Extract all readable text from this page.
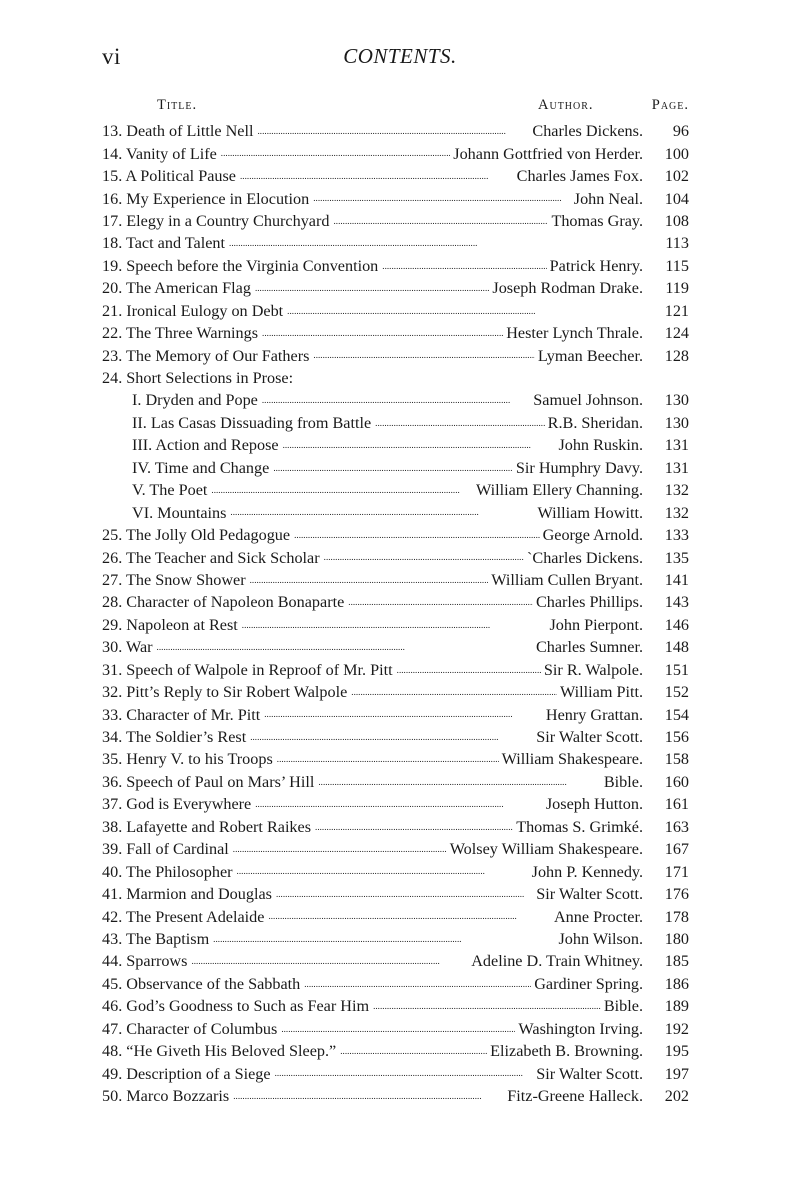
vi	CONTENTS.
Title.	Author.	Page.
13. Death of Little Nell . . .	Charles Dickens.	96
14. Vanity of Life . . .	Johann Gottfried von Herder.	100
15. A Political Pause . . .	Charles James Fox.	102
16. My Experience in Elocution . . .	John Neal.	104
17. Elegy in a Country Churchyard . . .	Thomas Gray.	108
18. Tact and Talent . . .	113
19. Speech before the Virginia Convention . . .	Patrick Henry.	115
20. The American Flag . . .	Joseph Rodman Drake.	119
21. Ironical Eulogy on Debt . . .	121
22. The Three Warnings . . .	Hester Lynch Thrale.	124
23. The Memory of Our Fathers . . .	Lyman Beecher.	128
24. Short Selections in Prose:
I. Dryden and Pope . . .	Samuel Johnson.	130
II. Las Casas Dissuading from Battle . . .	R.B. Sheridan.	130
III. Action and Repose . . .	John Ruskin.	131
IV. Time and Change . . .	Sir Humphry Davy.	131
V. The Poet . . .	William Ellery Channing.	132
VI. Mountains . . .	William Howitt.	132
25. The Jolly Old Pedagogue . . .	George Arnold.	133
26. The Teacher and Sick Scholar . . .	`Charles Dickens.	135
27. The Snow Shower . . .	William Cullen Bryant.	141
28. Character of Napoleon Bonaparte . . .	Charles Phillips.	143
29. Napoleon at Rest . . .	John Pierpont.	146
30. War . . .	Charles Sumner.	148
31. Speech of Walpole in Reproof of Mr. Pitt . . .	Sir R. Walpole.	151
32. Pitt’s Reply to Sir Robert Walpole . . .	William Pitt.	152
33. Character of Mr. Pitt . . .	Henry Grattan.	154
34. The Soldier’s Rest . . .	Sir Walter Scott.	156
35. Henry V. to his Troops . . .	William Shakespeare.	158
36. Speech of Paul on Mars’ Hill . . .	Bible.	160
37. God is Everywhere . . .	Joseph Hutton.	161
38. Lafayette and Robert Raikes . . .	Thomas S. Grimké.	163
39. Fall of Cardinal . . .	Wolsey William Shakespeare.	167
40. The Philosopher . . .	John P. Kennedy.	171
41. Marmion and Douglas . . .	Sir Walter Scott.	176
42. The Present Adelaide . . .	Anne Procter.	178
43. The Baptism . . .	John Wilson.	180
44. Sparrows . . .	Adeline D. Train Whitney.	185
45. Observance of the Sabbath . . .	Gardiner Spring.	186
46. God’s Goodness to Such as Fear Him . . .	Bible.	189
47. Character of Columbus . . .	Washington Irving.	192
48. “He Giveth His Beloved Sleep.” . . .	Elizabeth B. Browning.	195
49. Description of a Siege . . .	Sir Walter Scott.	197
50. Marco Bozzaris . . .	Fitz-Greene Halleck.	202
